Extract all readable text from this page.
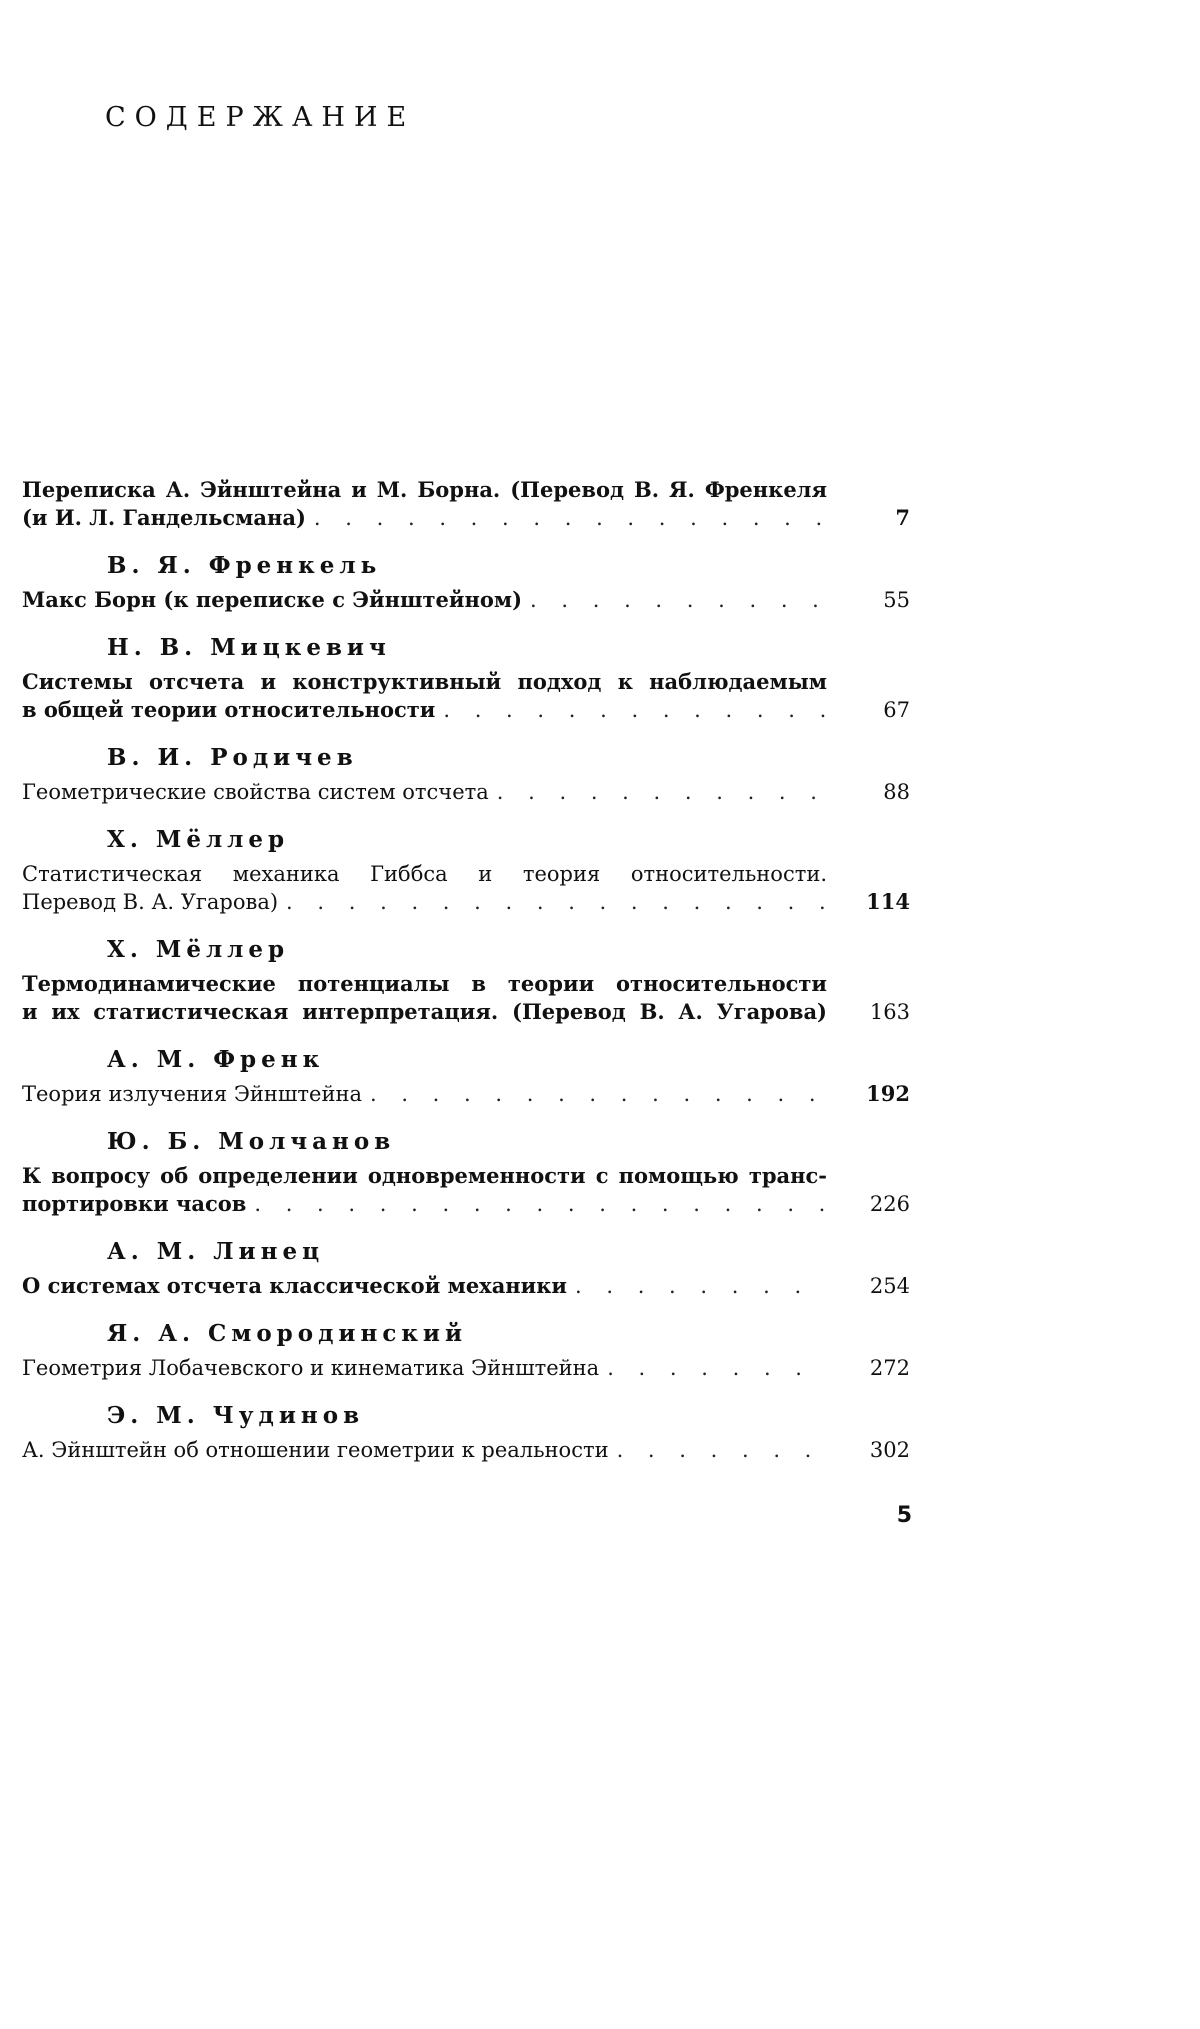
СОДЕРЖАНИЕ
Переписка А. Эйнштейна и М. Борна. (Перевод В. Я. Френкеля
(и И. Л. Гандельсмана) . . .	7
В. Я. Френкель
Макс Борн (к переписке с Эйнштейном) . . .	55
Н. В. Мицкевич
Системы отсчета и конструктивный подход к наблюдаемым
в общей теории относительности . . .	67
В. И. Родичев
Геометрические свойства систем отсчета . . .	88
Х. Мёллер
Статистическая механика Гиббса и теория относительности.
Перевод В. А. Угарова) . . .	114
Х. Мёллер
Термодинамические потенциалы в теории относительности
и их статистическая интерпретация. (Перевод В. А. Угарова)	163
А. М. Френк
Теория излучения Эйнштейна . . .	192
Ю. Б. Молчанов
К вопросу об определении одновременности с помощью транс-
портировки часов . . .	226
А. М. Линец
О системах отсчета классической механики . . .	254
Я. А. Смородинский
Геометрия Лобачевского и кинематика Эйнштейна . . .	272
Э. М. Чудинов
А. Эйнштейн об отношении геометрии к реальности . . .	302
5
